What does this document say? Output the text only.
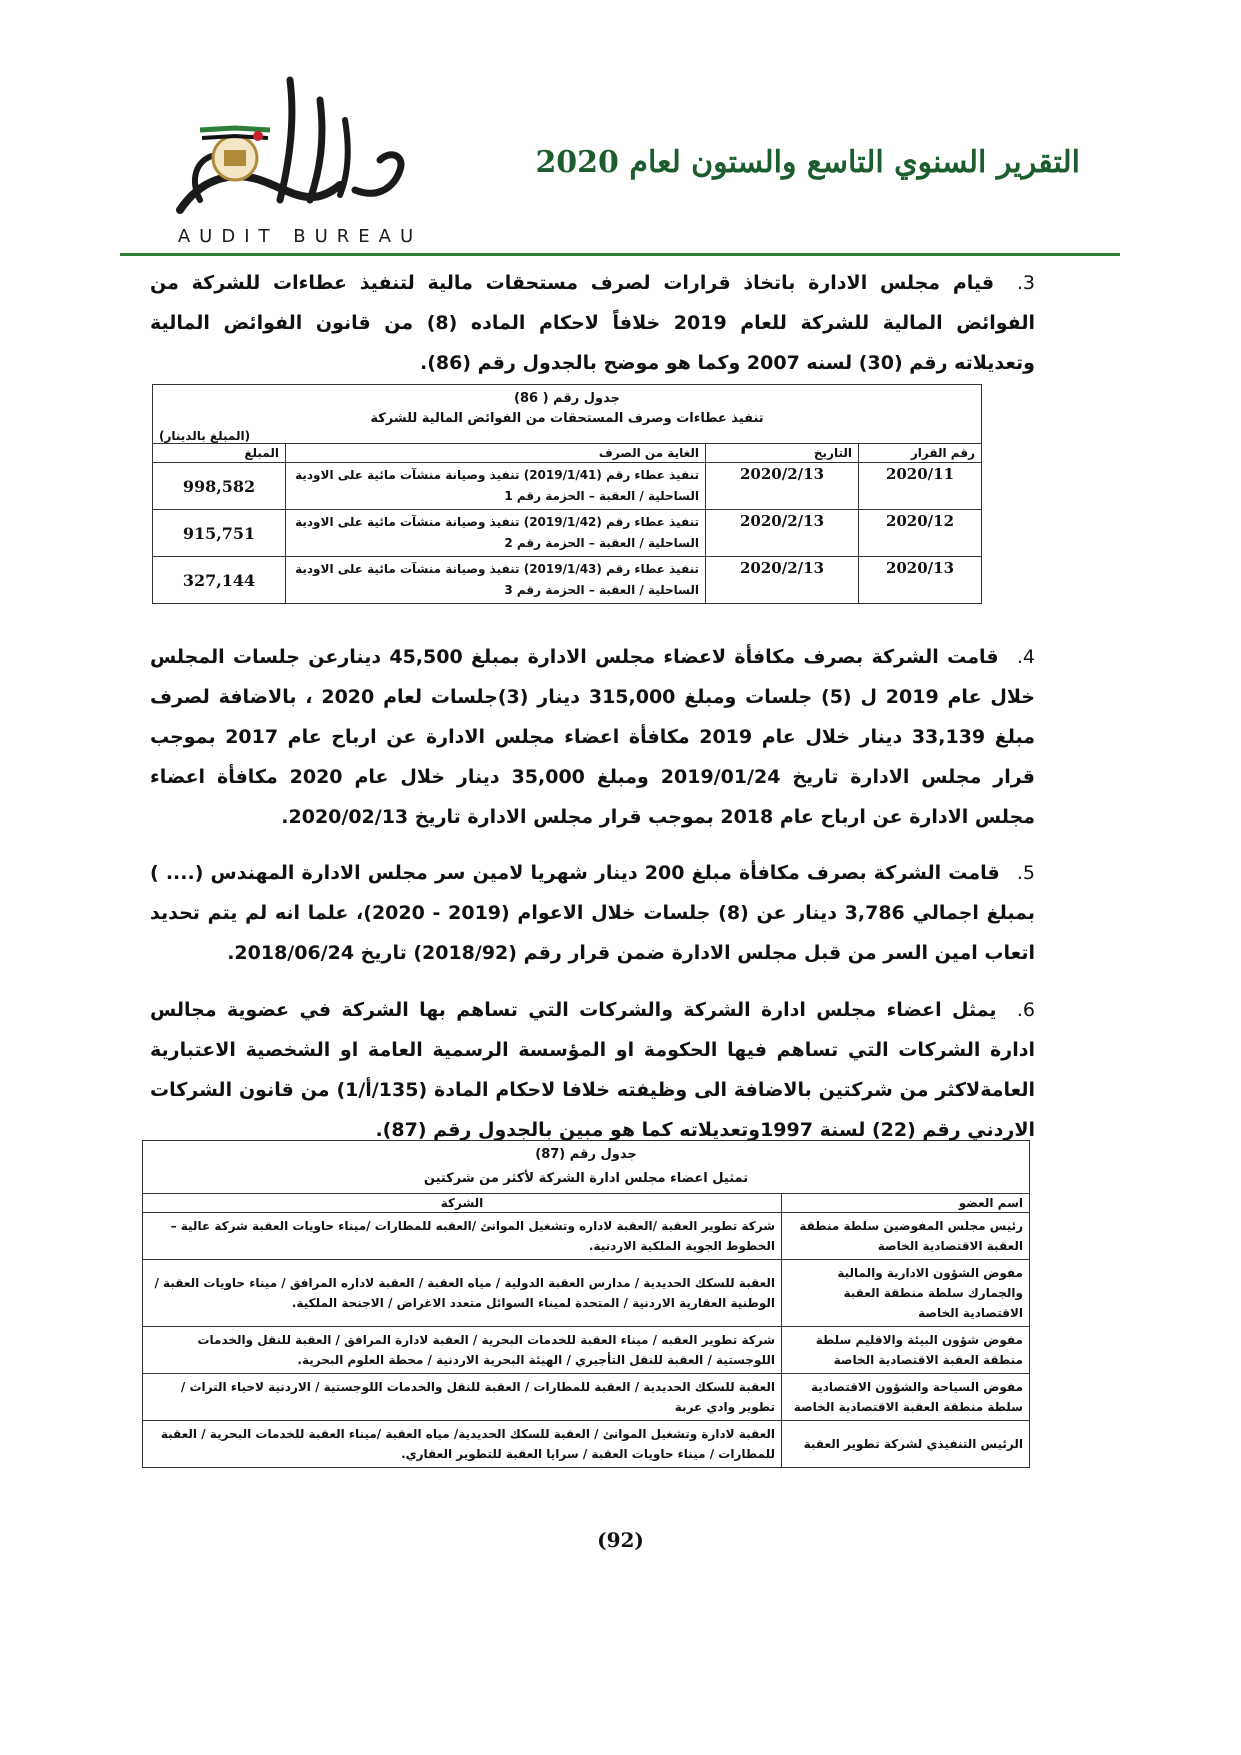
AUDIT BUREAU
التقرير السنوي التاسع والستون لعام 2020
3. قيام مجلس الادارة باتخاذ قرارات لصرف مستحقات مالية لتنفيذ عطاءات للشركة من الفوائض المالية للشركة للعام 2019 خلافاً لاحكام الماده (8) من قانون الفوائض المالية وتعديلاته رقم (30) لسنه 2007 وكما هو موضح بالجدول رقم (86).
جدول رقم ( 86)
تنفيذ عطاءات وصرف المستحقات من الفوائض المالية للشركة			

(المبلغ بالدينار)			
رقم القرار	التاريخ	الغاية من الصرف	المبلغ
2020/11	2020/2/13	تنفيذ عطاء رقم (2019/1/41) تنفيذ وصيانة منشآت مائية على الاودية الساحلية / العقبة – الحزمة رقم 1	998,582
2020/12	2020/2/13	تنفيذ عطاء رقم (2019/1/42) تنفيذ وصيانة منشآت مائية على الاودية الساحلية / العقبة – الحزمة رقم 2	915,751
2020/13	2020/2/13	تنفيذ عطاء رقم (2019/1/43) تنفيذ وصيانة منشآت مائية على الاودية الساحلية / العقبة – الحزمة رقم 3	327,144
4. قامت الشركة بصرف مكافأة لاعضاء مجلس الادارة بمبلغ 45,500 دينارعن جلسات المجلس خلال عام 2019 ل (5) جلسات ومبلغ 315,000 دينار (3)جلسات لعام 2020 ، بالاضافة لصرف مبلغ 33,139 دينار خلال عام 2019 مكافأة اعضاء مجلس الادارة عن ارباح عام 2017 بموجب قرار مجلس الادارة تاريخ 2019/01/24 ومبلغ 35,000 دينار خلال عام 2020 مكافأة اعضاء مجلس الادارة عن ارباح عام 2018 بموجب قرار مجلس الادارة تاريخ 2020/02/13.
5. قامت الشركة بصرف مكافأة مبلغ 200 دينار شهريا لامين سر مجلس الادارة المهندس (.... ) بمبلغ اجمالي 3,786 دينار عن (8) جلسات خلال الاعوام (2019 - 2020)، علما انه لم يتم تحديد اتعاب امين السر من قبل مجلس الادارة ضمن قرار رقم (2018/92) تاريخ 2018/06/24.
6. يمثل اعضاء مجلس ادارة الشركة والشركات التي تساهم بها الشركة في عضوية مجالس ادارة الشركات التي تساهم فيها الحكومة او المؤسسة الرسمية العامة او الشخصية الاعتبارية العامةلاكثر من شركتين بالاضافة الى وظيفته خلافا لاحكام المادة (135/أ/1) من قانون الشركات الاردني رقم (22) لسنة 1997وتعديلاته كما هو مبين بالجدول رقم (87).
جدول رقم (87)
تمثيل اعضاء مجلس ادارة الشركة لأكثر من شركتين	

اسم العضو	الشركة
رئيس مجلس المفوضين سلطة منطقة العقبة الاقتصادية الخاصة	شركة تطوير العقبة /العقبة لاداره وتشغيل الموانئ /العقبه للمطارات /ميناء حاويات العقبة شركة عالية – الخطوط الجوية الملكية الاردنية.
مفوض الشؤون الادارية والمالية والجمارك سلطة منطقة العقبة الاقتصادية الخاصة	العقبة للسكك الحديدية / مدارس العقبة الدولية / مياه العقبة / العقبة لاداره المرافق / ميناء حاويات العقبة / الوطنية العقارية الاردنية / المتحدة لميناء السوائل متعدد الاغراض / الاجنحة الملكية.
مفوض شؤون البيئة والاقليم سلطة منطقة العقبة الاقتصادية الخاصة	شركة تطوير العقبه / ميناء العقبة للخدمات البحرية / العقبة لادارة المرافق / العقبة للنقل والخدمات اللوجستية / العقبة للنقل التأجيري / الهيئة البحرية الاردنية / محطة العلوم البحرية.
مفوض السياحة والشؤون الاقتصادية سلطة منطقة العقبة الاقتصادية الخاصة	العقبة للسكك الحديدية / العقبة للمطارات / العقبة للنقل والخدمات اللوجستية / الاردنية لاحياء التراث / تطوير وادي عربة
الرئيس التنفيذي لشركة تطوير العقبة	العقبة لادارة وتشغيل الموانئ / العقبة للسكك الحديدية/ مياه العقبة /ميناء العقبة للخدمات البحرية / العقبة للمطارات / ميناء حاويات العقبة / سرايا العقبة للتطوير العقاري.
(92)
